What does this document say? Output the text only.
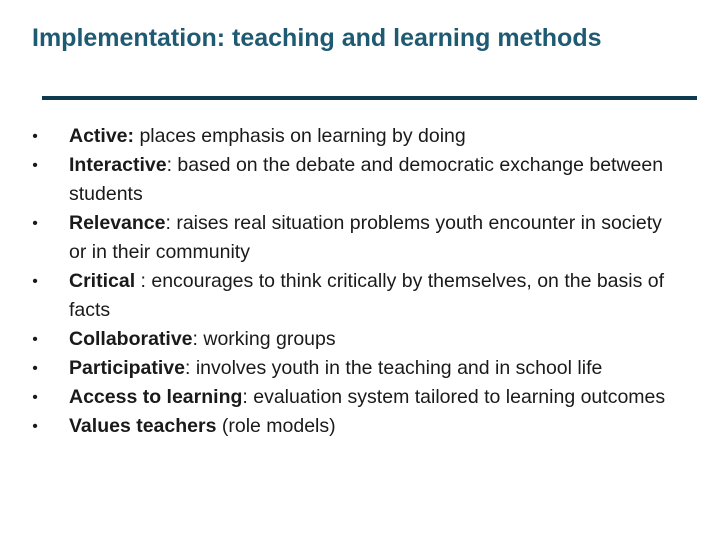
Implementation: teaching and learning methods
• Active: places emphasis on learning by doing
• Interactive: based on the debate and democratic exchange between students
• Relevance: raises real situation problems youth encounter in society or in their community
• Critical : encourages to think critically by themselves, on the basis of facts
• Collaborative: working groups
• Participative: involves youth in the teaching and in school life
• Access to learning: evaluation system tailored to learning outcomes
• Values teachers (role models)
